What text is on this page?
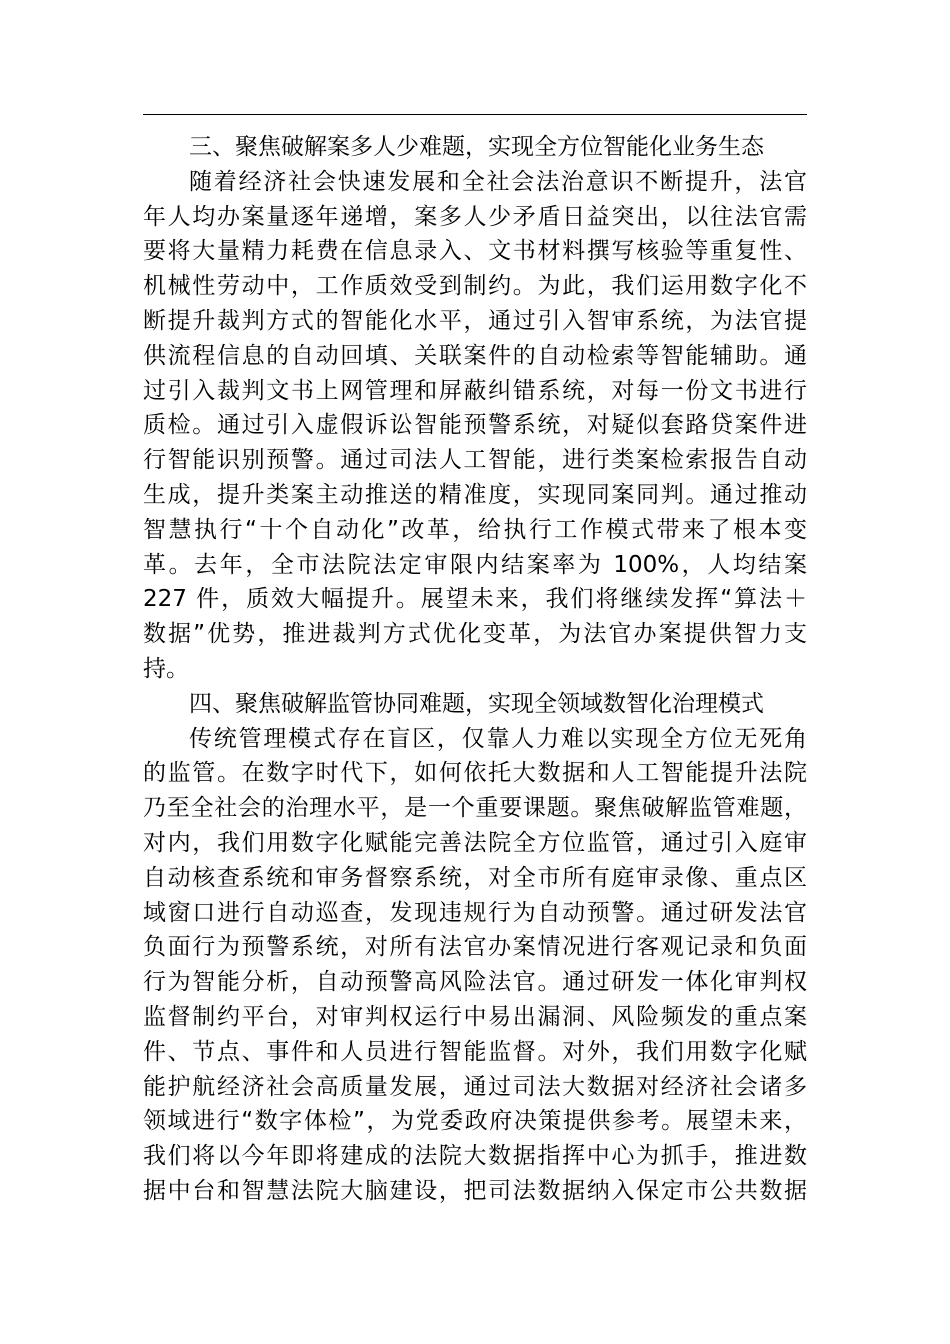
三、聚焦破解案多人少难题，实现全方位智能化业务生态
随着经济社会快速发展和全社会法治意识不断提升，法官
年人均办案量逐年递增，案多人少矛盾日益突出，以往法官需
要将大量精力耗费在信息录入、文书材料撰写核验等重复性、
机械性劳动中，工作质效受到制约。为此，我们运用数字化不
断提升裁判方式的智能化水平，通过引入智审系统，为法官提
供流程信息的自动回填、关联案件的自动检索等智能辅助。通
过引入裁判文书上网管理和屏蔽纠错系统，对每一份文书进行
质检。通过引入虚假诉讼智能预警系统，对疑似套路贷案件进
行智能识别预警。通过司法人工智能，进行类案检索报告自动
生成，提升类案主动推送的精准度，实现同案同判。通过推动
智慧执行“十个自动化”改革，给执行工作模式带来了根本变
革。去年，全市法院法定审限内结案率为 100%，人均结案
227 件，质效大幅提升。展望未来，我们将继续发挥“算法＋
数据”优势，推进裁判方式优化变革，为法官办案提供智力支
持。
四、聚焦破解监管协同难题，实现全领域数智化治理模式
传统管理模式存在盲区，仅靠人力难以实现全方位无死角
的监管。在数字时代下，如何依托大数据和人工智能提升法院
乃至全社会的治理水平，是一个重要课题。聚焦破解监管难题，
对内，我们用数字化赋能完善法院全方位监管，通过引入庭审
自动核查系统和审务督察系统，对全市所有庭审录像、重点区
域窗口进行自动巡查，发现违规行为自动预警。通过研发法官
负面行为预警系统，对所有法官办案情况进行客观记录和负面
行为智能分析，自动预警高风险法官。通过研发一体化审判权
监督制约平台，对审判权运行中易出漏洞、风险频发的重点案
件、节点、事件和人员进行智能监督。对外，我们用数字化赋
能护航经济社会高质量发展，通过司法大数据对经济社会诸多
领域进行“数字体检”，为党委政府决策提供参考。展望未来，
我们将以今年即将建成的法院大数据指挥中心为抓手，推进数
据中台和智慧法院大脑建设，把司法数据纳入保定市公共数据
